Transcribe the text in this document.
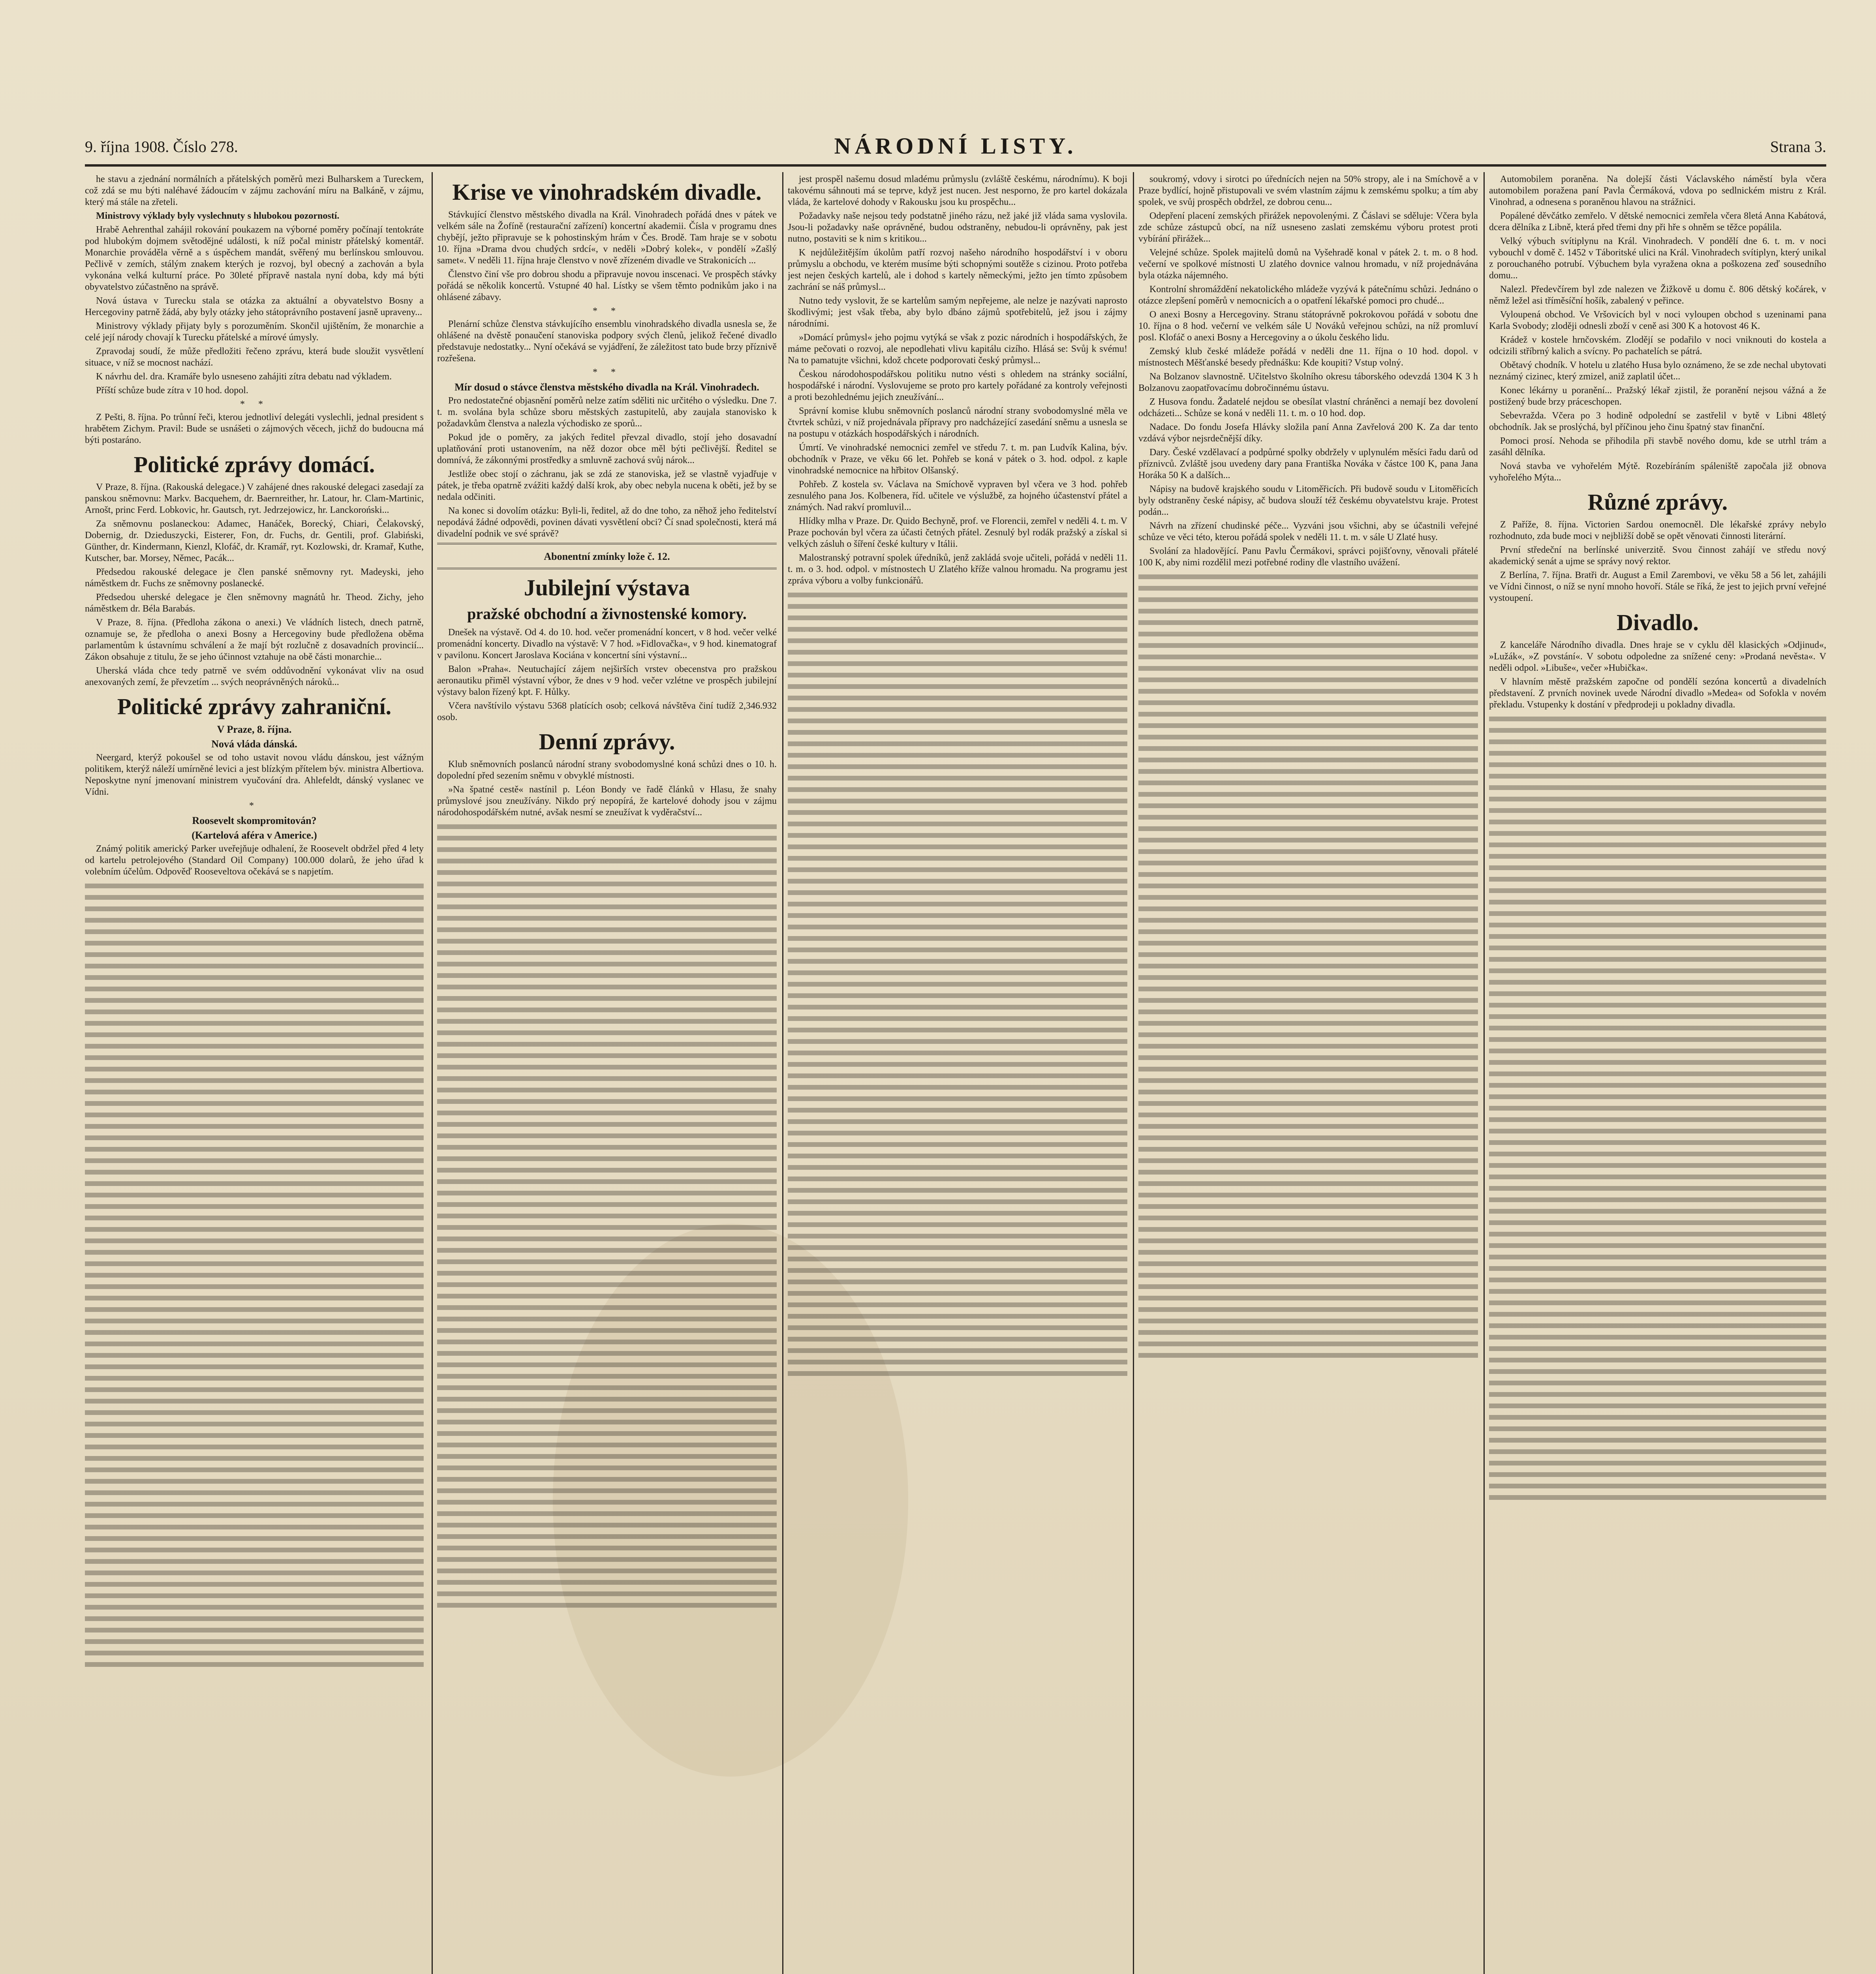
9. října 1908. Číslo 278.	NÁRODNÍ LISTY.	Strana 3.

he stavu a zjednání normálních a přátelských poměrů mezi Bulharskem a Tureckem, což zdá se mu býti naléhavé žádoucím v zájmu zachování míru na Balkáně, v zájmu, který má stále na zřeteli.

Ministrovy výklady byly vyslechnuty s hlubokou pozorností.

Hrabě Aehrenthal zahájil rokování poukazem na výborné poměry počínají tentokráte pod hlubokým dojmem světodějné události, k níž počal ministr přátelský komentář. Monarchie prováděla věrně a s úspěchem mandát, svěřený mu berlínskou smlouvou. Pečlivě v zemích, stálým znakem kterých je rozvoj, byl obecný a zachován a byla vykonána velká kulturní práce. Po 30leté přípravě nastala nyní doba, kdy má býti obyvatelstvo zúčastněno na správě.

Nová ústava v Turecku stala se otázka za aktuální a obyvatelstvo Bosny a Hercegoviny patrně žádá, aby byly otázky jeho státoprávního postavení jasně upraveny...

Ministrovy výklady přijaty byly s porozuměním. Skončil ujištěním, že monarchie a celé její národy chovají k Turecku přátelské a mírové úmysly.

Zpravodaj soudí, že může předložiti řečeno zprávu, která bude sloužit vysvětlení situace, v níž se mocnost nachází.

K návrhu del. dra. Kramáře bylo usneseno zahájiti zítra debatu nad výkladem.

Příští schůze bude zítra v 10 hod. dopol.

* *

Z Pešti, 8. října. Po trůnní řeči, kterou jednotliví delegáti vyslechli, jednal president s hrabětem Zichym. Pravil: Bude se usnášeti o zájmových věcech, jichž do budoucna má býti postaráno.

Politické zprávy domácí.

V Praze, 8. října. (Rakouská delegace.) V zahájené dnes rakouské delegaci zasedají za panskou sněmovnu: Markv. Bacquehem, dr. Baernreither, hr. Latour, hr. Clam-Martinic, Arnošt, princ Ferd. Lobkovic, hr. Gautsch, ryt. Jedrzejowicz, hr. Lanckoroński...

Za sněmovnu poslaneckou: Adamec, Hanáček, Borecký, Chiari, Čelakovský, Dobernig, dr. Dzieduszycki, Eisterer, Fon, dr. Fuchs, dr. Gentili, prof. Glabiński, Günther, dr. Kindermann, Kienzl, Klofáč, dr. Kramář, ryt. Kozlowski, dr. Kramař, Kuthe, Kutscher, bar. Morsey, Němec, Pacák...

Předsedou rakouské delegace je člen panské sněmovny ryt. Madeyski, jeho náměstkem dr. Fuchs ze sněmovny poslanecké.

Předsedou uherské delegace je člen sněmovny magnátů hr. Theod. Zichy, jeho náměstkem dr. Béla Barabás.

V Praze, 8. října. (Předloha zákona o anexi.) Ve vládních listech, dnech patrně, oznamuje se, že předloha o anexi Bosny a Hercegoviny bude předložena oběma parlamentům k ústavnímu schválení a že mají být rozlučně z dosavadních provincií... Zákon obsahuje z titulu, že se jeho účinnost vztahuje na obě části monarchie...

Uherská vláda chce tedy patrně ve svém oddůvodnění vykonávat vliv na osud anexovaných zemí, že převzetím ... svých neoprávněných nároků...

Politické zprávy zahraniční.
V Praze, 8. října.
Nová vláda dánská.

Neergard, kterýž pokoušel se od toho ustavit novou vládu dánskou, jest vážným politikem, kterýž náleží umírněné levici a jest blízkým přítelem býv. ministra Albertiova. Neposkytne nyní jmenovaní ministrem vyučování dra. Ahlefeldt, dánský vyslanec ve Vídni.

*
Roosevelt skompromitován?
(Kartelová aféra v Americe.)

Známý politik americký Parker uveřejňuje odhalení, že Roosevelt obdržel před 4 lety od kartelu petrolejového (Standard Oil Company) 100.000 dolarů, že jeho úřad k volebním účelům. Odpověď Rooseveltova očekává se s napjetím.

Krise ve vinohradském divadle.

Stávkující členstvo městského divadla na Král. Vinohradech pořádá dnes v pátek ve velkém sále na Žofíně (restaurační zařízení) koncertní akademii. Čísla v programu dnes chybějí, ježto připravuje se k pohostinským hrám v Čes. Brodě. Tam hraje se v sobotu 10. října »Drama dvou chudých srdcí«, v neděli »Dobrý kolek«, v pondělí »Zašlý samet«. V neděli 11. října hraje členstvo v nově zřízeném divadle ve Strakonicích ...

Členstvo činí vše pro dobrou shodu a připravuje novou inscenaci. Ve prospěch stávky pořádá se několik koncertů. Vstupné 40 hal. Lístky se všem těmto podnikům jako i na ohlásené zábavy.

* *

Plenární schůze členstva stávkujícího ensemblu vinohradského divadla usnesla se, že ohlášené na dvěstě ponaučení stanoviska podpory svých členů, jelikož řečené divadlo představuje nedostatky... Nyní očekává se vyjádření, že záležitost tato bude brzy příznivě rozřešena.

* *
Mír dosud o stávce členstva městského divadla na Král. Vinohradech.

Pro nedostatečné objasnění poměrů nelze zatím sděliti nic určitého o výsledku. Dne 7. t. m. svolána byla schůze sboru městských zastupitelů, aby zaujala stanovisko k požadavkům členstva a nalezla východisko ze sporů...

Pokud jde o poměry, za jakých ředitel převzal divadlo, stojí jeho dosavadní uplatňování proti ustanovením, na něž dozor obce měl býti pečlivější. Ředitel se domnívá, že zákonnými prostředky a smluvně zachová svůj nárok...

Jestliže obec stojí o záchranu, jak se zdá ze stanoviska, jež se vlastně vyjadřuje v pátek, je třeba opatrně zvážiti každý další krok, aby obec nebyla nucena k oběti, jež by se nedala odčiniti.

Na konec si dovolím otázku: Byli-li, ředitel, až do dne toho, za něhož jeho ředitelství nepodává žádné odpovědi, povinen dávati vysvětlení obci? Čí snad společnosti, která má divadelní podnik ve své správě?

Abonentní zmínky lože č. 12.
Jubilejní výstava
pražské obchodní a živnostenské komory.

Dnešek na výstavě. Od 4. do 10. hod. večer promenádní koncert, v 8 hod. večer velké promenádní koncerty. Divadlo na výstavě: V 7 hod. »Fidlovačka«, v 9 hod. kinematograf v pavilonu. Koncert Jaroslava Kociána v koncertní síni výstavní...

Balon »Praha«. Neutuchající zájem nejširších vrstev obecenstva pro pražskou aeronautiku přiměl výstavní výbor, že dnes v 9 hod. večer vzlétne ve prospěch jubilejní výstavy balon řízený kpt. F. Hůlky.

Včera navštívilo výstavu 5368 platících osob; celková návštěva činí tudíž 2,346.932 osob.

Denní zprávy.

Klub sněmovních poslanců národní strany svobodomyslné koná schůzi dnes o 10. h. dopolední před sezením sněmu v obvyklé místnosti.

»Na špatné cestě« nastínil p. Léon Bondy ve řadě článků v Hlasu, že snahy průmyslové jsou zneužívány. Nikdo prý nepopírá, že kartelové dohody jsou v zájmu národohospodářském nutné, avšak nesmí se zneužívat k vyděračství...

jest prospěl našemu dosud mladému průmyslu (zvláště českému, národnímu). K boji takovému sáhnouti má se teprve, když jest nucen. Jest nesporno, že pro kartel dokázala vláda, že kartelové dohody v Rakousku jsou ku prospěchu...

Požadavky naše nejsou tedy podstatně jiného rázu, než jaké již vláda sama vyslovila. Jsou-li požadavky naše oprávněné, budou odstraněny, nebudou-li oprávněny, pak jest nutno, postaviti se k nim s kritikou...

K nejdůležitějším úkolům patří rozvoj našeho národního hospodářství i v oboru průmyslu a obchodu, ve kterém musíme býti schopnými soutěže s cizinou. Proto potřeba jest nejen českých kartelů, ale i dohod s kartely německými, ježto jen tímto způsobem zachrání se náš průmysl...

Nutno tedy vyslovit, že se kartelům samým nepřejeme, ale nelze je nazývati naprosto škodlivými; jest však třeba, aby bylo dbáno zájmů spotřebitelů, jež jsou i zájmy národními.

»Domácí průmysl« jeho pojmu vytýká se však z pozic národních i hospodářských, že máme pečovati o rozvoj, ale nepodlehati vlivu kapitálu cizího. Hlásá se: Svůj k svému! Na to pamatujte všichni, kdož chcete podporovati český průmysl...

Českou národohospodářskou politiku nutno vésti s ohledem na stránky sociální, hospodářské i národní. Vyslovujeme se proto pro kartely pořádané za kontroly veřejnosti a proti bezohlednému jejich zneužívání...

Správní komise klubu sněmovních poslanců národní strany svobodomyslné měla ve čtvrtek schůzi, v níž projednávala přípravy pro nadcházející zasedání sněmu a usnesla se na postupu v otázkách hospodářských i národních.

Úmrtí. Ve vinohradské nemocnici zemřel ve středu 7. t. m. pan Ludvík Kalina, býv. obchodník v Praze, ve věku 66 let. Pohřeb se koná v pátek o 3. hod. odpol. z kaple vinohradské nemocnice na hřbitov Olšanský.

Pohřeb. Z kostela sv. Václava na Smíchově vypraven byl včera ve 3 hod. pohřeb zesnulého pana Jos. Kolbenera, říd. učitele ve výslužbě, za hojného účastenství přátel a známých. Nad rakví promluvil...

Hlídky mlha v Praze. Dr. Quido Bechyně, prof. ve Florencii, zemřel v neděli 4. t. m. V Praze pochován byl včera za účasti četných přátel. Zesnulý byl rodák pražský a získal si velkých zásluh o šíření české kultury v Itálii.

Malostranský potravní spolek úředníků, jenž zakládá svoje učiteli, pořádá v neděli 11. t. m. o 3. hod. odpol. v místnostech U Zlatého kříže valnou hromadu. Na programu jest zpráva výboru a volby funkcionářů.

soukromý, vdovy i sirotci po úřednících nejen na 50% stropy, ale i na Smíchově a v Praze bydlící, hojně přistupovali ve svém vlastním zájmu k zemskému spolku; a tím aby spolek, ve svůj prospěch obdržel, ze dobrou cenu...

Odepření placení zemských přirážek nepovolenými. Z Čáslavi se sděluje: Včera byla zde schůze zástupců obcí, na níž usneseno zaslati zemskému výboru protest proti vybírání přirážek...

Velejné schůze. Spolek majitelů domů na Vyšehradě konal v pátek 2. t. m. o 8 hod. večerní ve spolkové místnosti U zlatého dovnice valnou hromadu, v níž projednávána byla otázka nájemného.

Kontrolní shromáždění nekatolického mládeže vyzývá k pátečnímu schůzi. Jednáno o otázce zlepšení poměrů v nemocnicích a o opatření lékařské pomoci pro chudé...

O anexi Bosny a Hercegoviny. Stranu státoprávně pokrokovou pořádá v sobotu dne 10. října o 8 hod. večerní ve velkém sále U Nováků veřejnou schůzi, na níž promluví posl. Klofáč o anexi Bosny a Hercegoviny a o úkolu českého lidu.

Zemský klub české mládeže pořádá v neděli dne 11. října o 10 hod. dopol. v místnostech Měšťanské besedy přednášku: Kde koupiti? Vstup volný.

Na Bolzanov slavnostně. Učitelstvo školního okresu táborského odevzdá 1304 K 3 h Bolzanovu zaopatřovacímu dobročinnému ústavu.

Z Husova fondu. Žadatelé nejdou se obesílat vlastní chráněnci a nemají bez dovolení odcházeti... Schůze se koná v neděli 11. t. m. o 10 hod. dop.

Nadace. Do fondu Josefa Hlávky složila paní Anna Zavřelová 200 K. Za dar tento vzdává výbor nejsrdečnější díky.

Dary. České vzdělavací a podpůrné spolky obdržely v uplynulém měsíci řadu darů od příznivců. Zvláště jsou uvedeny dary pana Františka Nováka v částce 100 K, pana Jana Horáka 50 K a dalších...

Nápisy na budově krajského soudu v Litoměřicích. Při budově soudu v Litoměřicích byly odstraněny české nápisy, ač budova slouží též českému obyvatelstvu kraje. Protest podán...

Návrh na zřízení chudinské péče... Vyzváni jsou všichni, aby se účastnili veřejné schůze ve věci této, kterou pořádá spolek v neděli 11. t. m. v sále U Zlaté husy.

Svolání za hladovějící. Panu Pavlu Čermákovi, správci pojišťovny, věnovali přátelé 100 K, aby nimi rozdělil mezi potřebné rodiny dle vlastního uvážení.

Automobilem poraněna. Na dolejší části Václavského náměstí byla včera automobilem poražena paní Pavla Čermáková, vdova po sedlnickém mistru z Král. Vinohrad, a odnesena s poraněnou hlavou na strážnici.

Popálené děvčátko zemřelo. V dětské nemocnici zemřela včera 8letá Anna Kabátová, dcera dělníka z Libně, která před třemi dny při hře s ohněm se těžce popálila.

Velký výbuch svítiplynu na Král. Vinohradech. V pondělí dne 6. t. m. v noci vybouchl v domě č. 1452 v Táboritské ulici na Král. Vinohradech svítiplyn, který unikal z porouchaného potrubí. Výbuchem byla vyražena okna a poškozena zeď sousedního domu...

Nalezl. Předevčírem byl zde nalezen ve Žižkově u domu č. 806 dětský kočárek, v němž ležel asi tříměsíční hošík, zabalený v peřince.

Vyloupená obchod. Ve Vršovicích byl v noci vyloupen obchod s uzeninami pana Karla Svobody; zloději odnesli zboží v ceně asi 300 K a hotovost 46 K.

Krádež v kostele hrnčovském. Zlodějí se podařilo v noci vniknouti do kostela a odcizili stříbrný kalich a svícny. Po pachatelích se pátrá.

Obětavý chodník. V hotelu u zlatého Husa bylo oznámeno, že se zde nechal ubytovati neznámý cizinec, který zmizel, aniž zaplatil účet...

Konec lékárny u poranění... Pražský lékař zjistil, že poranění nejsou vážná a že postižený bude brzy práceschopen.

Sebevražda. Včera po 3 hodině odpolední se zastřelil v bytě v Libni 48letý obchodník. Jak se proslýchá, byl příčinou jeho činu špatný stav finanční.

Pomoci prosí. Nehoda se přihodila při stavbě nového domu, kde se utrhl trám a zasáhl dělníka.

Nová stavba ve vyhořelém Mýtě. Rozebíráním spáleniště započala již obnova vyhořelého Mýta...

Různé zprávy.

Z Paříže, 8. října. Victorien Sardou onemocněl. Dle lékařské zprávy nebylo rozhodnuto, zda bude moci v nejbližší době se opět věnovati činnosti literární.

První středeční na berlínské univerzitě. Svou činnost zahájí ve středu nový akademický senát a ujme se správy nový rektor.

Z Berlína, 7. října. Bratři dr. August a Emil Zarembovi, ve věku 58 a 56 let, zahájili ve Vídni činnost, o níž se nyní mnoho hovoří. Stále se říká, že jest to jejich první veřejné vystoupení.

Divadlo.

Z kanceláře Národního divadla. Dnes hraje se v cyklu děl klasických »Odjinud«, »Lužák«, »Z povstání«. V sobotu odpoledne za snížené ceny: »Prodaná nevěsta«. V neděli odpol. »Libuše«, večer »Hubička«.

V hlavním městě pražském započne od pondělí sezóna koncertů a divadelních představení. Z prvních novinek uvede Národní divadlo »Medea« od Sofokla v novém překladu. Vstupenky k dostání v předprodeji u pokladny divadla.
